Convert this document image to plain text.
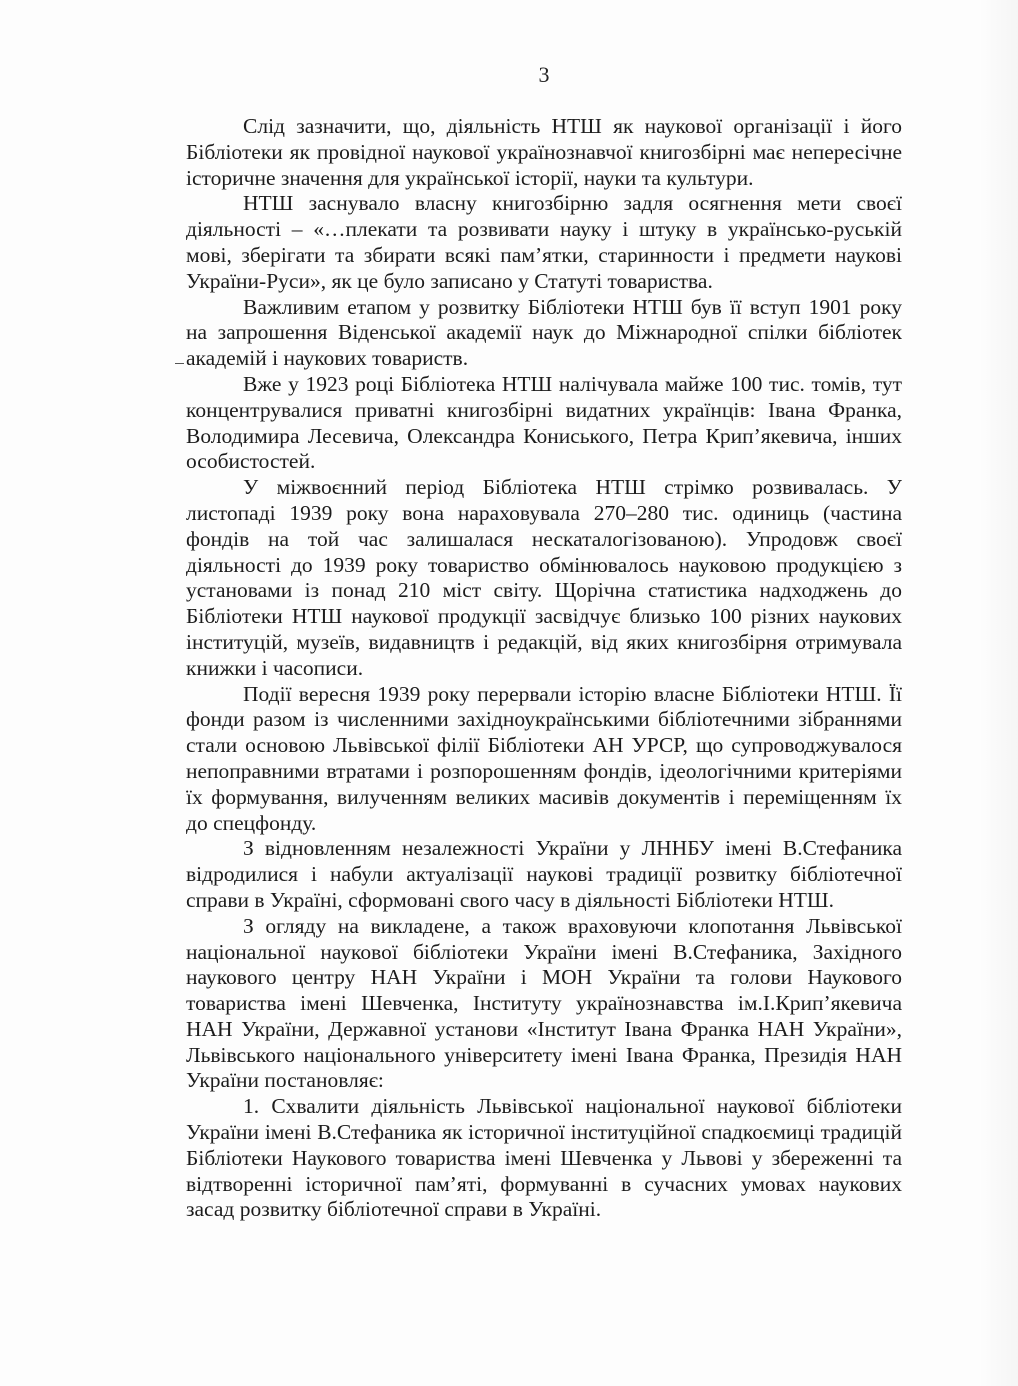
3

Слід зазначити, що, діяльність НТШ як наукової організації і його Бібліотеки як провідної наукової українознавчої книгозбірні має непересічне історичне значення для української історії, науки та культури.

НТШ заснувало власну книгозбірню задля осягнення мети своєї діяльності – «…плекати та розвивати науку і штуку в українсько-руській мові, зберігати та збирати всякі пам’ятки, старинности і предмети наукові України-Руси», як це було записано у Статуті товариства.

Важливим етапом у розвитку Бібліотеки НТШ був її вступ 1901 року на запрошення Віденської академії наук до Міжнародної спілки бібліотек академій і наукових товариств.

Вже у 1923 році Бібліотека НТШ налічувала майже 100 тис. томів, тут концентрувалися приватні книгозбірні видатних українців: Івана Франка, Володимира Лесевича, Олександра Кониського, Петра Крип’якевича, інших особистостей.

У міжвоєнний період Бібліотека НТШ стрімко розвивалась. У листопаді 1939 року вона нараховувала 270–280 тис. одиниць (частина фондів на той час залишалася нескаталогізованою). Упродовж своєї діяльності до 1939 року товариство обмінювалось науковою продукцією з установами із понад 210 міст світу. Щорічна статистика надходжень до Бібліотеки НТШ наукової продукції засвідчує близько 100 різних наукових інституцій, музеїв, видавництв і редакцій, від яких книгозбірня отримувала книжки і часописи.

Події вересня 1939 року перервали історію власне Бібліотеки НТШ. Її фонди разом із численними західноукраїнськими бібліотечними зібраннями стали основою Львівської філії Бібліотеки АН УРСР, що супроводжувалося непоправними втратами і розпорошенням фондів, ідеологічними критеріями їх формування, вилученням великих масивів документів і переміщенням їх до спецфонду.

З відновленням незалежності України у ЛННБУ імені В.Стефаника відродилися і набули актуалізації наукові традиції розвитку бібліотечної справи в Україні, сформовані свого часу в діяльності Бібліотеки НТШ.

З огляду на викладене, а також враховуючи клопотання Львівської національної наукової бібліотеки України імені В.Стефаника, Західного наукового центру НАН України і МОН України та голови Наукового товариства імені Шевченка, Інституту українознавства ім.І.Крип’якевича НАН України, Державної установи «Інститут Івана Франка НАН України», Львівського національного університету імені Івана Франка, Президія НАН України постановляє:

1. Схвалити діяльність Львівської національної наукової бібліотеки України імені В.Стефаника як історичної інституційної спадкоємиці традицій Бібліотеки Наукового товариства імені Шевченка у Львові у збереженні та відтворенні історичної пам’яті, формуванні в сучасних умовах наукових засад розвитку бібліотечної справи в Україні.
